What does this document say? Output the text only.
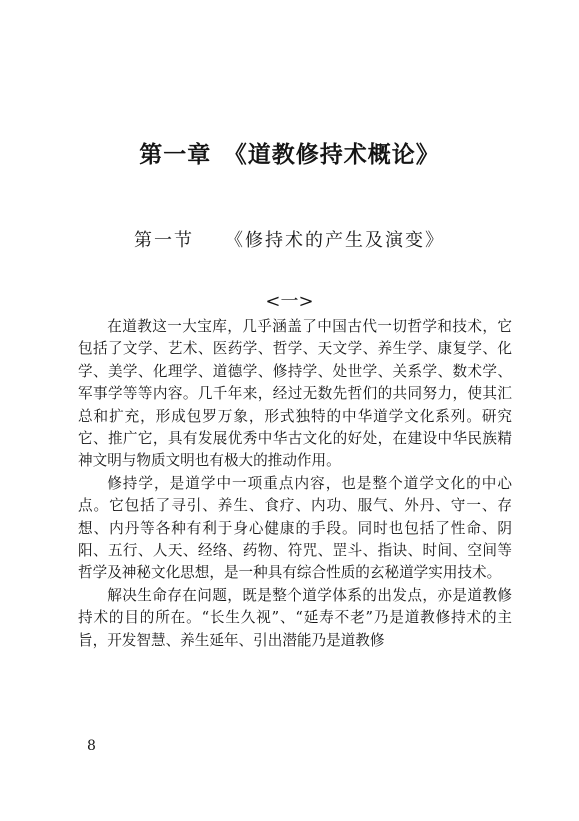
第一章　《道教修持术概论》
第一节　　《修持术的产生及演变》
<一>

在道教这一大宝库，几乎涵盖了中国古代一切哲学和技术，它包括了文学、艺术、医药学、哲学、天文学、养生学、康复学、化学、美学、化理学、道德学、修持学、处世学、关系学、数术学、军事学等等内容。几千年来，经过无数先哲们的共同努力，使其汇总和扩充，形成包罗万象，形式独特的中华道学文化系列。研究它、推广它，具有发展优秀中华古文化的好处，在建设中华民族精神文明与物质文明也有极大的推动作用。

修持学，是道学中一项重点内容，也是整个道学文化的中心点。它包括了寻引、养生、食疗、内功、服气、外丹、守一、存想、内丹等各种有利于身心健康的手段。同时也包括了性命、阴阳、五行、人天、经络、药物、符咒、罡斗、指诀、时间、空间等哲学及神秘文化思想，是一种具有综合性质的玄秘道学实用技术。

解决生命存在问题，既是整个道学体系的出发点，亦是道教修持术的目的所在。“长生久视”、“延寿不老”乃是道教修持术的主旨，开发智慧、养生延年、引出潜能乃是道教修

8
